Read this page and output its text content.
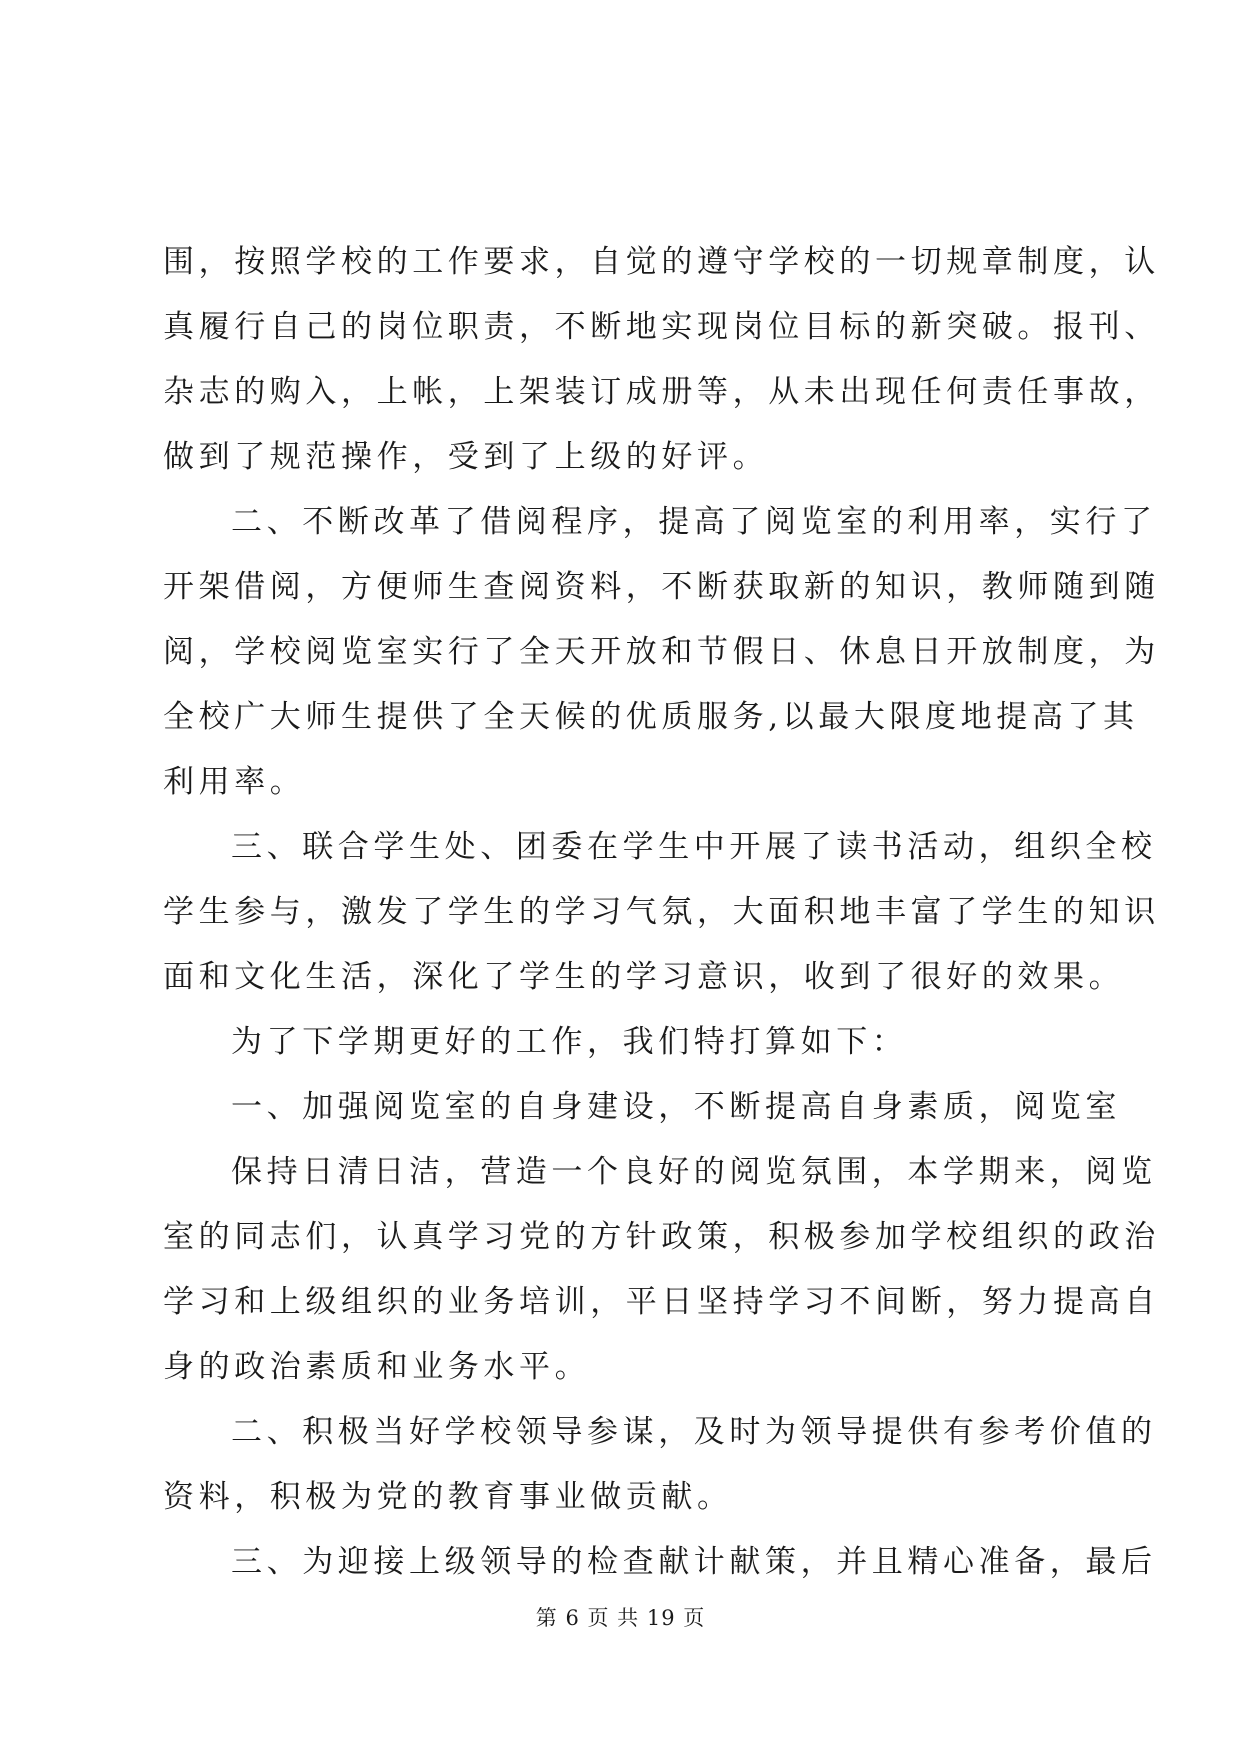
围，按照学校的工作要求，自觉的遵守学校的一切规章制度，认
真履行自己的岗位职责，不断地实现岗位目标的新突破。报刊、
杂志的购入，上帐，上架装订成册等，从未出现任何责任事故，
做到了规范操作，受到了上级的好评。
二、不断改革了借阅程序，提高了阅览室的利用率，实行了
开架借阅，方便师生查阅资料，不断获取新的知识，教师随到随
阅，学校阅览室实行了全天开放和节假日、休息日开放制度，为
全校广大师生提供了全天候的优质服务,以最大限度地提高了其
利用率。
三、联合学生处、团委在学生中开展了读书活动，组织全校
学生参与，激发了学生的学习气氛，大面积地丰富了学生的知识
面和文化生活，深化了学生的学习意识，收到了很好的效果。
为了下学期更好的工作，我们特打算如下：
一、加强阅览室的自身建设，不断提高自身素质，阅览室
保持日清日洁，营造一个良好的阅览氛围，本学期来，阅览
室的同志们，认真学习党的方针政策，积极参加学校组织的政治
学习和上级组织的业务培训，平日坚持学习不间断，努力提高自
身的政治素质和业务水平。
二、积极当好学校领导参谋，及时为领导提供有参考价值的
资料，积极为党的教育事业做贡献。
三、为迎接上级领导的检查献计献策，并且精心准备，最后
第 6 页 共 19 页
